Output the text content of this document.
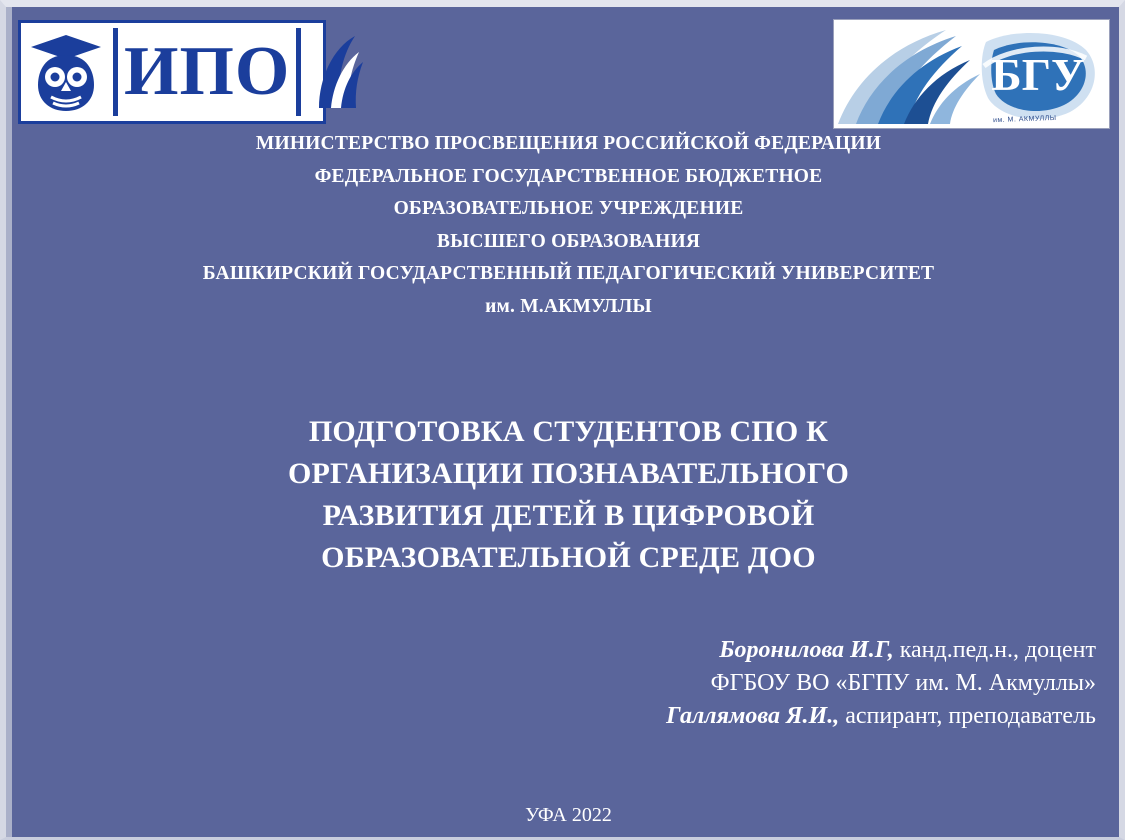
ИПО	БГУ
им. М. АКМУЛЛЫ
МИНИСТЕРСТВО ПРОСВЕЩЕНИЯ РОССИЙСКОЙ ФЕДЕРАЦИИ
ФЕДЕРАЛЬНОЕ ГОСУДАРСТВЕННОЕ БЮДЖЕТНОЕ
ОБРАЗОВАТЕЛЬНОЕ УЧРЕЖДЕНИЕ
ВЫСШЕГО ОБРАЗОВАНИЯ
БАШКИРСКИЙ ГОСУДАРСТВЕННЫЙ ПЕДАГОГИЧЕСКИЙ УНИВЕРСИТЕТ
им. М.АКМУЛЛЫ
ПОДГОТОВКА СТУДЕНТОВ СПО К
ОРГАНИЗАЦИИ ПОЗНАВАТЕЛЬНОГО
РАЗВИТИЯ ДЕТЕЙ В ЦИФРОВОЙ
ОБРАЗОВАТЕЛЬНОЙ СРЕДЕ ДОО
Боронилова И.Г, канд.пед.н., доцент
ФГБОУ ВО «БГПУ им. М. Акмуллы»
Галлямова Я.И., аспирант, преподаватель
УФА 2022
